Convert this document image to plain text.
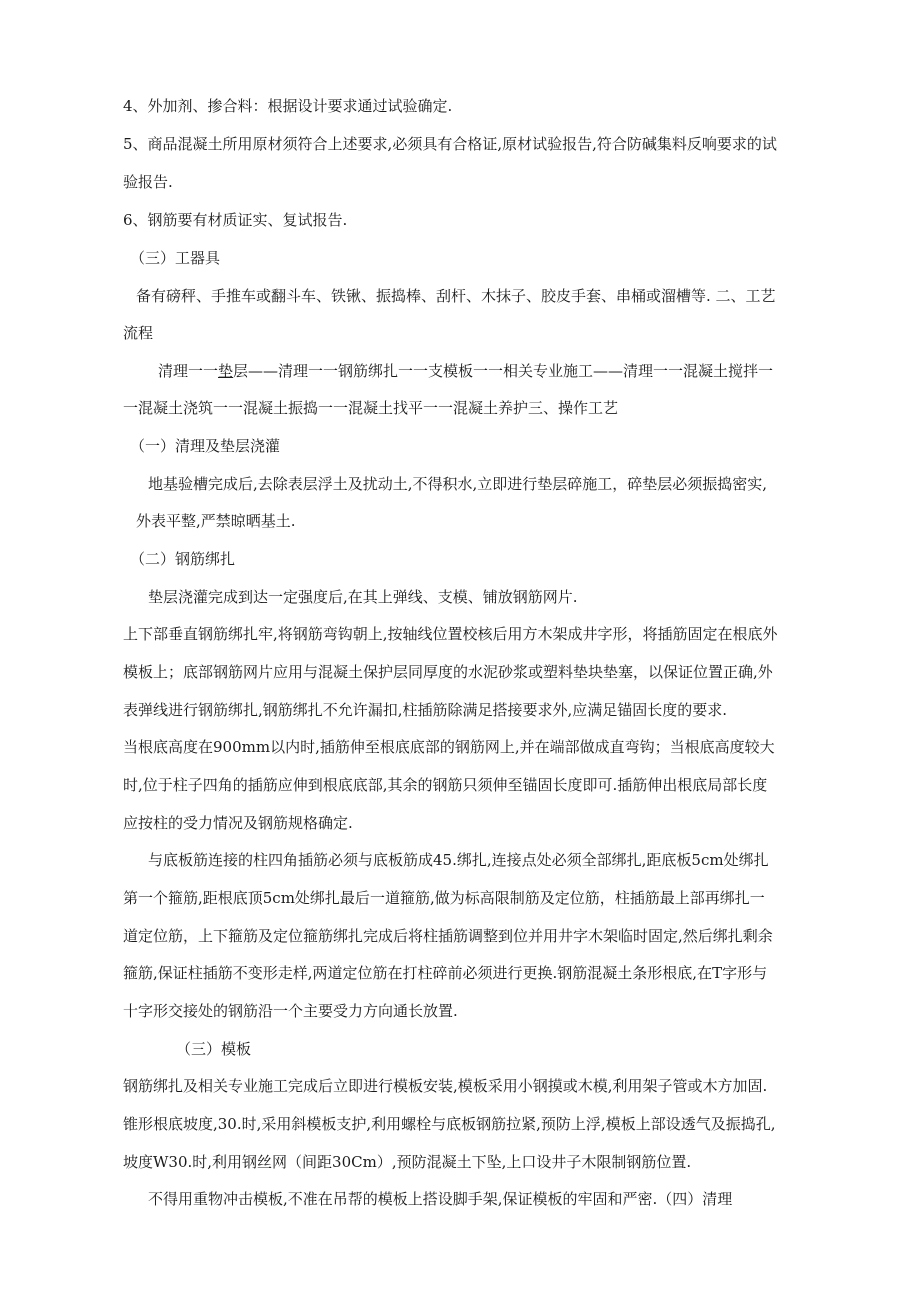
4、外加剂、掺合料：根据设计要求通过试验确定.
5、商品混凝土所用原材须符合上述要求,必须具有合格证,原材试验报告,符合防碱集料反响要求的试
验报告.
6、钢筋要有材质证实、复试报告.
（三）工器具
备有磅秤、手推车或翻斗车、铁锹、振捣棒、刮杆、木抹子、胶皮手套、串桶或溜槽等. 二、工艺
流程
清理一一垫层——清理一一钢筋绑扎一一支模板一一相关专业施工——清理一一混凝土搅拌一
一混凝土浇筑一一混凝土振捣一一混凝土找平一一混凝土养护三、操作工艺
（一）清理及垫层浇灌
地基验槽完成后,去除表层浮土及扰动土,不得积水,立即进行垫层碎施工，碎垫层必须振捣密实,
外表平整,严禁晾晒基土.
（二）钢筋绑扎
垫层浇灌完成到达一定强度后,在其上弹线、支模、铺放钢筋网片.
上下部垂直钢筋绑扎牢,将钢筋弯钩朝上,按轴线位置校核后用方木架成井字形，将插筋固定在根底外
模板上；底部钢筋网片应用与混凝土保护层同厚度的水泥砂浆或塑料垫块垫塞，以保证位置正确,外
表弹线进行钢筋绑扎,钢筋绑扎不允许漏扣,柱插筋除满足搭接要求外,应满足锚固长度的要求.
当根底高度在900mm以内时,插筋伸至根底底部的钢筋网上,并在端部做成直弯钩；当根底高度较大
时,位于柱子四角的插筋应伸到根底底部,其余的钢筋只须伸至锚固长度即可.插筋伸出根底局部长度
应按柱的受力情况及钢筋规格确定.
与底板筋连接的柱四角插筋必须与底板筋成45.绑扎,连接点处必须全部绑扎,距底板5cm处绑扎
第一个箍筋,距根底顶5cm处绑扎最后一道箍筋,做为标高限制筋及定位筋，柱插筋最上部再绑扎一
道定位筋，上下箍筋及定位箍筋绑扎完成后将柱插筋调整到位并用井字木架临时固定,然后绑扎剩余
箍筋,保证柱插筋不变形走样,两道定位筋在打柱碎前必须进行更换.钢筋混凝土条形根底,在T字形与
十字形交接处的钢筋沿一个主要受力方向通长放置.
（三）模板
钢筋绑扎及相关专业施工完成后立即进行模板安装,模板采用小钢摸或木模,利用架子管或木方加固.
锥形根底坡度,30.时,采用斜模板支护,利用螺栓与底板钢筋拉紧,预防上浮,模板上部设透气及振捣孔,
坡度W30.时,利用钢丝网（间距30Cm）,预防混凝土下坠,上口设井子木限制钢筋位置.
不得用重物冲击模板,不准在吊帮的模板上搭设脚手架,保证模板的牢固和严密.（四）清理
